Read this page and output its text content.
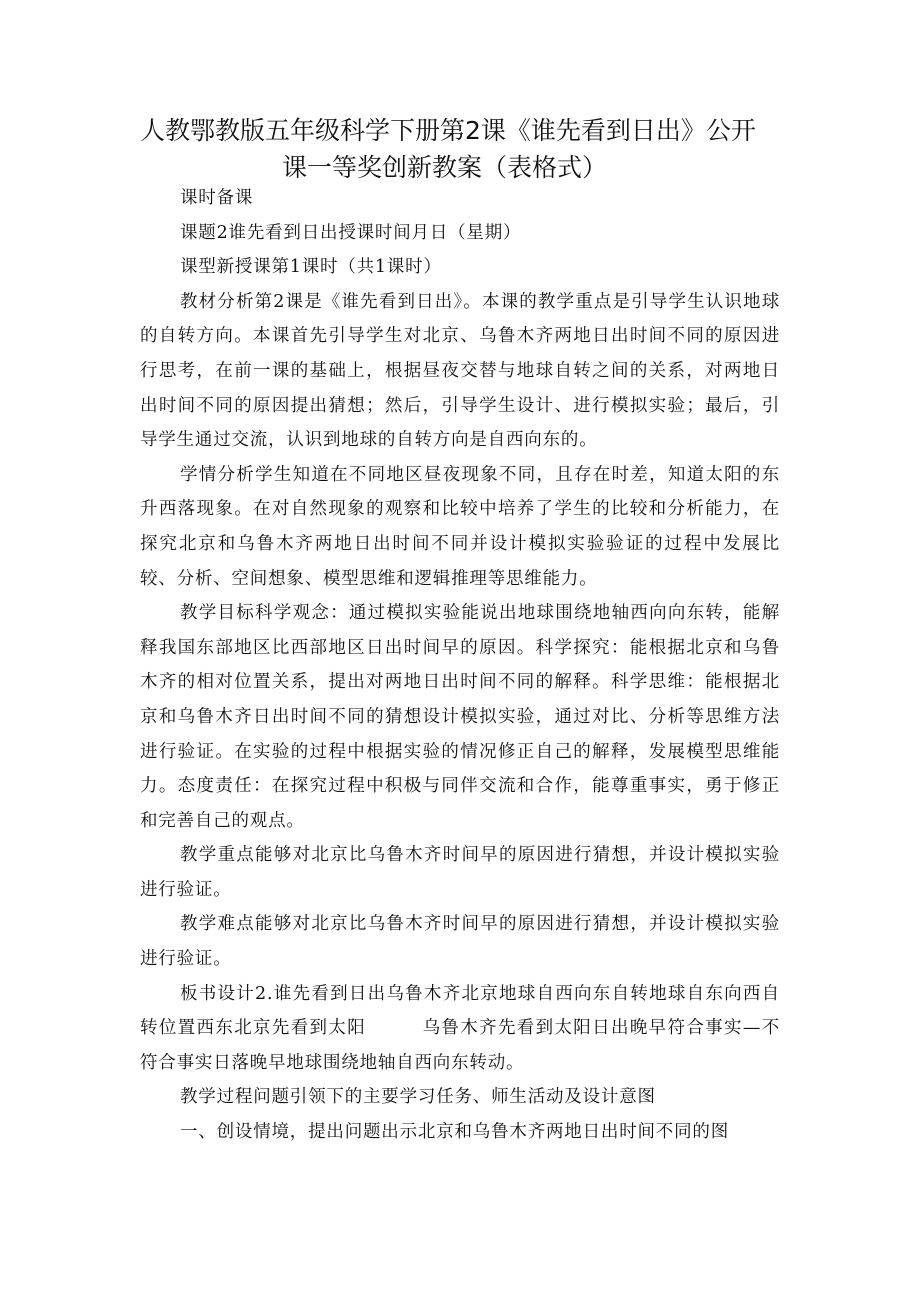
人教鄂教版五年级科学下册第2课《谁先看到日出》公开
课一等奖创新教案（表格式）

课时备课

课题2谁先看到日出授课时间月日（星期）

课型新授课第1课时（共1课时）

教材分析第2课是《谁先看到日出》。本课的教学重点是引导学生认识地球的自转方向。本课首先引导学生对北京、乌鲁木齐两地日出时间不同的原因进行思考，在前一课的基础上，根据昼夜交替与地球自转之间的关系，对两地日出时间不同的原因提出猜想；然后，引导学生设计、进行模拟实验；最后，引导学生通过交流，认识到地球的自转方向是自西向东的。

学情分析学生知道在不同地区昼夜现象不同，且存在时差，知道太阳的东升西落现象。在对自然现象的观察和比较中培养了学生的比较和分析能力，在探究北京和乌鲁木齐两地日出时间不同并设计模拟实验验证的过程中发展比较、分析、空间想象、模型思维和逻辑推理等思维能力。

教学目标科学观念：通过模拟实验能说出地球围绕地轴西向向东转，能解释我国东部地区比西部地区日出时间早的原因。科学探究：能根据北京和乌鲁木齐的相对位置关系，提出对两地日出时间不同的解释。科学思维：能根据北京和乌鲁木齐日出时间不同的猜想设计模拟实验，通过对比、分析等思维方法进行验证。在实验的过程中根据实验的情况修正自己的解释，发展模型思维能力。态度责任：在探究过程中积极与同伴交流和合作，能尊重事实，勇于修正和完善自己的观点。

教学重点能够对北京比乌鲁木齐时间早的原因进行猜想，并设计模拟实验进行验证。

教学难点能够对北京比乌鲁木齐时间早的原因进行猜想，并设计模拟实验进行验证。

板书设计2.谁先看到日出乌鲁木齐北京地球自西向东自转地球自东向西自转位置西东北京先看到太阳　　　乌鲁木齐先看到太阳日出晚早符合事实—不符合事实日落晚早地球围绕地轴自西向东转动。

教学过程问题引领下的主要学习任务、师生活动及设计意图

一、创设情境，提出问题出示北京和乌鲁木齐两地日出时间不同的图
